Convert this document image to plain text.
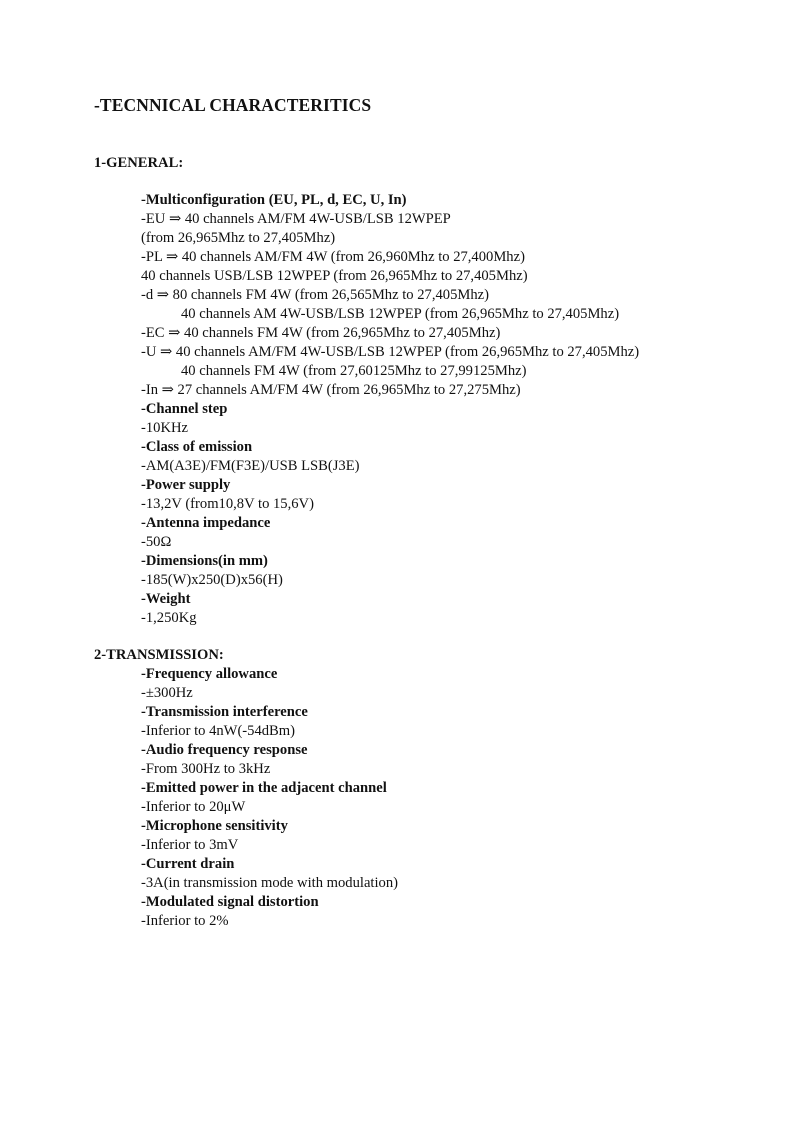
-TECNNICAL CHARACTERITICS
1-GENERAL:
-Multiconfiguration (EU, PL, d, EC, U, In)
-EU ⇒ 40 channels AM/FM 4W-USB/LSB 12WPEP
(from 26,965Mhz to 27,405Mhz)
-PL ⇒ 40 channels AM/FM 4W (from 26,960Mhz to 27,400Mhz)
40 channels USB/LSB 12WPEP (from 26,965Mhz to 27,405Mhz)
-d ⇒ 80 channels FM 4W (from 26,565Mhz to 27,405Mhz)
40 channels AM 4W-USB/LSB 12WPEP (from 26,965Mhz to 27,405Mhz)
-EC ⇒ 40 channels FM 4W (from 26,965Mhz to 27,405Mhz)
-U ⇒ 40 channels AM/FM 4W-USB/LSB 12WPEP (from 26,965Mhz to 27,405Mhz)
40 channels FM 4W (from 27,60125Mhz to 27,99125Mhz)
-In ⇒ 27 channels AM/FM 4W (from 26,965Mhz to 27,275Mhz)
-Channel step
-10KHz
-Class of emission
-AM(A3E)/FM(F3E)/USB LSB(J3E)
-Power supply
-13,2V (from10,8V to 15,6V)
-Antenna impedance
-50Ω
-Dimensions(in mm)
-185(W)x250(D)x56(H)
-Weight
-1,250Kg
2-TRANSMISSION:
-Frequency allowance
-±300Hz
-Transmission interference
-Inferior to 4nW(-54dBm)
-Audio frequency response
-From 300Hz to 3kHz
-Emitted power in the adjacent channel
-Inferior to 20μW
-Microphone sensitivity
-Inferior to 3mV
-Current drain
-3A(in transmission mode with modulation)
-Modulated signal distortion
-Inferior to 2%
